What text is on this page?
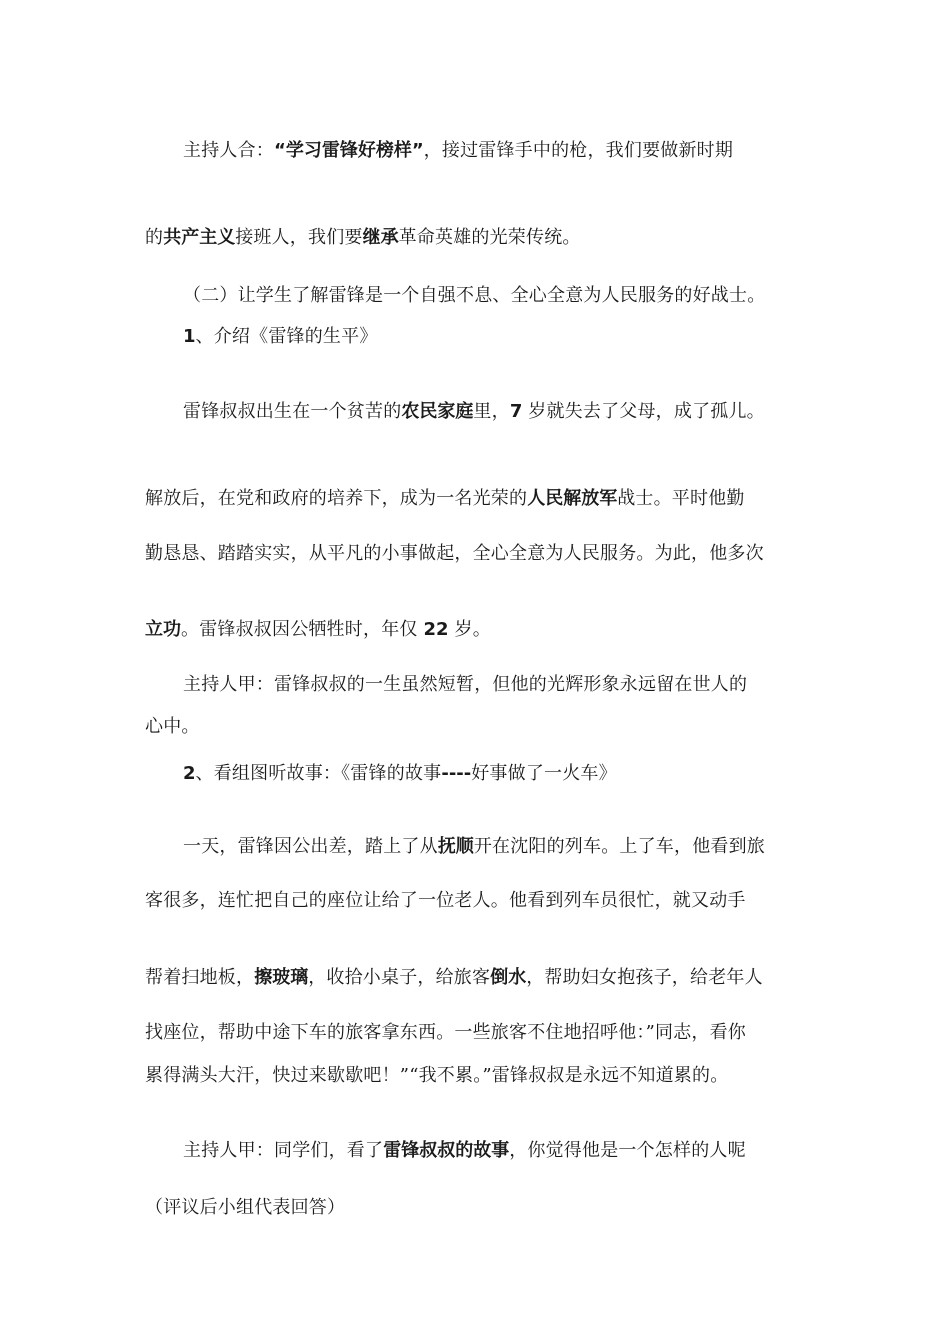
主持人合：“学习雷锋好榜样”，接过雷锋手中的枪，我们要做新时期
的共产主义接班人，我们要继承革命英雄的光荣传统。
（二）让学生了解雷锋是一个自强不息、全心全意为人民服务的好战士。
1、介绍《雷锋的生平》
雷锋叔叔出生在一个贫苦的农民家庭里，7 岁就失去了父母，成了孤儿。
解放后，在党和政府的培养下，成为一名光荣的人民解放军战士。平时他勤
勤恳恳、踏踏实实，从平凡的小事做起，全心全意为人民服务。为此，他多次
立功。雷锋叔叔因公牺牲时，年仅 22 岁。
主持人甲：雷锋叔叔的一生虽然短暂，但他的光辉形象永远留在世人的
心中。
2、看组图听故事：《雷锋的故事----好事做了一火车》
一天，雷锋因公出差，踏上了从抚顺开在沈阳的列车。上了车，他看到旅
客很多，连忙把自己的座位让给了一位老人。他看到列车员很忙，就又动手
帮着扫地板，擦玻璃，收拾小桌子，给旅客倒水，帮助妇女抱孩子，给老年人
找座位，帮助中途下车的旅客拿东西。一些旅客不住地招呼他：”同志，看你
累得满头大汗，快过来歇歇吧！”“我不累。”雷锋叔叔是永远不知道累的。
主持人甲：同学们，看了雷锋叔叔的故事，你觉得他是一个怎样的人呢
（评议后小组代表回答）
